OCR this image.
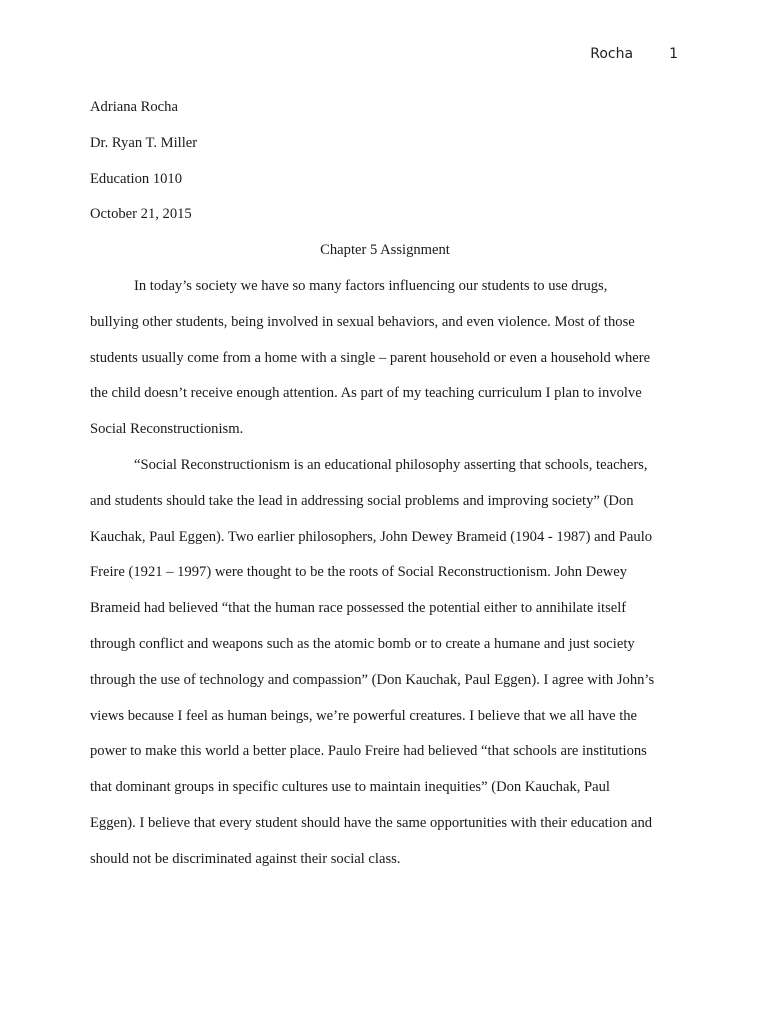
Rocha	1

Adriana Rocha

Dr. Ryan T. Miller

Education 1010

October 21, 2015

Chapter 5 Assignment

In today’s society we have so many factors influencing our students to use drugs,

bullying other students, being involved in sexual behaviors, and even violence. Most of those

students usually come from a home with a single – parent household or even a household where

the child doesn’t receive enough attention. As part of my teaching curriculum I plan to involve

Social Reconstructionism.

“Social Reconstructionism is an educational philosophy asserting that schools, teachers,

and students should take the lead in addressing social problems and improving society” (Don

Kauchak, Paul Eggen). Two earlier philosophers, John Dewey Brameid (1904 - 1987) and Paulo

Freire (1921 – 1997) were thought to be the roots of Social Reconstructionism. John Dewey

Brameid had believed “that the human race possessed the potential either to annihilate itself

through conflict and weapons such as the atomic bomb or to create a humane and just society

through the use of technology and compassion” (Don Kauchak, Paul Eggen). I agree with John’s

views because I feel as human beings, we’re powerful creatures. I believe that we all have the

power to make this world a better place. Paulo Freire had believed “that schools are institutions

that dominant groups in specific cultures use to maintain inequities” (Don Kauchak, Paul

Eggen). I believe that every student should have the same opportunities with their education and

should not be discriminated against their social class.
